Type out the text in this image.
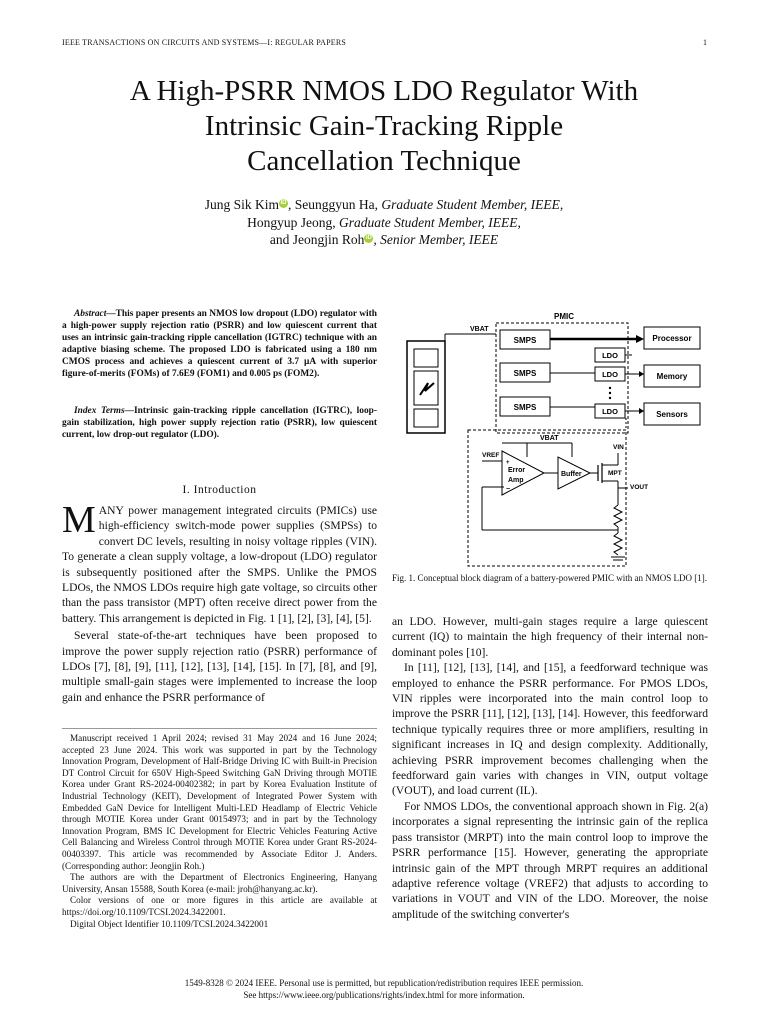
IEEE TRANSACTIONS ON CIRCUITS AND SYSTEMS—I: REGULAR PAPERS	1
A High-PSRR NMOS LDO Regulator With
Intrinsic Gain-Tracking Ripple
Cancellation Technique
Jung Sik Kim iD , Seunggyun Ha, Graduate Student Member, IEEE,
Hongyup Jeong, Graduate Student Member, IEEE,
and Jeongjin Roh iD , Senior Member, IEEE
Abstract—This paper presents an NMOS low dropout (LDO) regulator with a high-power supply rejection ratio (PSRR) and low quiescent current that uses an intrinsic gain-tracking ripple cancellation (IGTRC) technique with an adaptive biasing scheme. The proposed LDO is fabricated using a 180 nm CMOS process and achieves a quiescent current of 3.7 µA with superior figure-of-merits (FOMs) of 7.6E9 (FOM1) and 0.005 ps (FOM2).
Index Terms—Intrinsic gain-tracking ripple cancellation (IGTRC), loop-gain stabilization, high power supply rejection ratio (PSRR), low quiescent current, low drop-out regulator (LDO).
I. Introduction
MANY power management integrated circuits (PMICs) use high-efficiency switch-mode power supplies (SMPSs) to convert DC levels, resulting in noisy voltage ripples (VIN). To generate a clean supply voltage, a low-dropout (LDO) regulator is subsequently positioned after the SMPS. Unlike the PMOS LDOs, the NMOS LDOs require high gate voltage, so circuits other than the pass transistor (MPT) often receive direct power from the battery. This arrangement is depicted in Fig. 1 [1], [2], [3], [4], [5].
Several state-of-the-art techniques have been proposed to improve the power supply rejection ratio (PSRR) performance of LDOs [7], [8], [9], [11], [12], [13], [14], [15]. In [7], [8], and [9], multiple small-gain stages were implemented to increase the loop gain and enhance the PSRR performance of
Manuscript received 1 April 2024; revised 31 May 2024 and 16 June 2024; accepted 23 June 2024. This work was supported in part by the Technology Innovation Program, Development of Half-Bridge Driving IC with Built-in Precision DT Control Circuit for 650V High-Speed Switching GaN Driving through MOTIE Korea under Grant RS-2024-00402382; in part by Korea Evaluation Institute of Industrial Technology (KEIT), Development of Integrated Power System with Embedded GaN Device for Intelligent Multi-LED Headlamp of Electric Vehicle through MOTIE Korea under Grant 00154973; and in part by the Technology Innovation Program, BMS IC Development for Electric Vehicles Featuring Active Cell Balancing and Wireless Control through MOTIE Korea under Grant RS-2024-00403397. This article was recommended by Associate Editor J. Anders. (Corresponding author: Jeongjin Roh.)
The authors are with the Department of Electronics Engineering, Hanyang University, Ansan 15588, South Korea (e-mail: jroh@hanyang.ac.kr).
Color versions of one or more figures in this article are available at https://doi.org/10.1109/TCSI.2024.3422001.
Digital Object Identifier 10.1109/TCSI.2024.3422001
PMIC
VBAT
SMPS
SMPS
SMPS
LDO
LDO
LDO
Processor
Memory
Sensors
VBAT
VREF
+
−
Error
Amp
Buffer
VIN
MPT
VOUT
Fig. 1. Conceptual block diagram of a battery-powered PMIC with an NMOS LDO [1].
an LDO. However, multi-gain stages require a large quiescent current (IQ) to maintain the high frequency of their internal non-dominant poles [10].
In [11], [12], [13], [14], and [15], a feedforward technique was employed to enhance the PSRR performance. For PMOS LDOs, VIN ripples were incorporated into the main control loop to improve the PSRR [11], [12], [13], [14]. However, this feedforward technique typically requires three or more amplifiers, resulting in significant increases in IQ and design complexity. Additionally, achieving PSRR improvement becomes challenging when the feedforward gain varies with changes in VIN, output voltage (VOUT), and load current (IL).
For NMOS LDOs, the conventional approach shown in Fig. 2(a) incorporates a signal representing the intrinsic gain of the replica pass transistor (MRPT) into the main control loop to improve the PSRR performance [15]. However, generating the appropriate intrinsic gain of the MPT through MRPT requires an additional adaptive reference voltage (VREF2) that adjusts to according to variations in VOUT and VIN of the LDO. Moreover, the noise amplitude of the switching converter's
1549-8328 © 2024 IEEE. Personal use is permitted, but republication/redistribution requires IEEE permission.
See https://www.ieee.org/publications/rights/index.html for more information.
